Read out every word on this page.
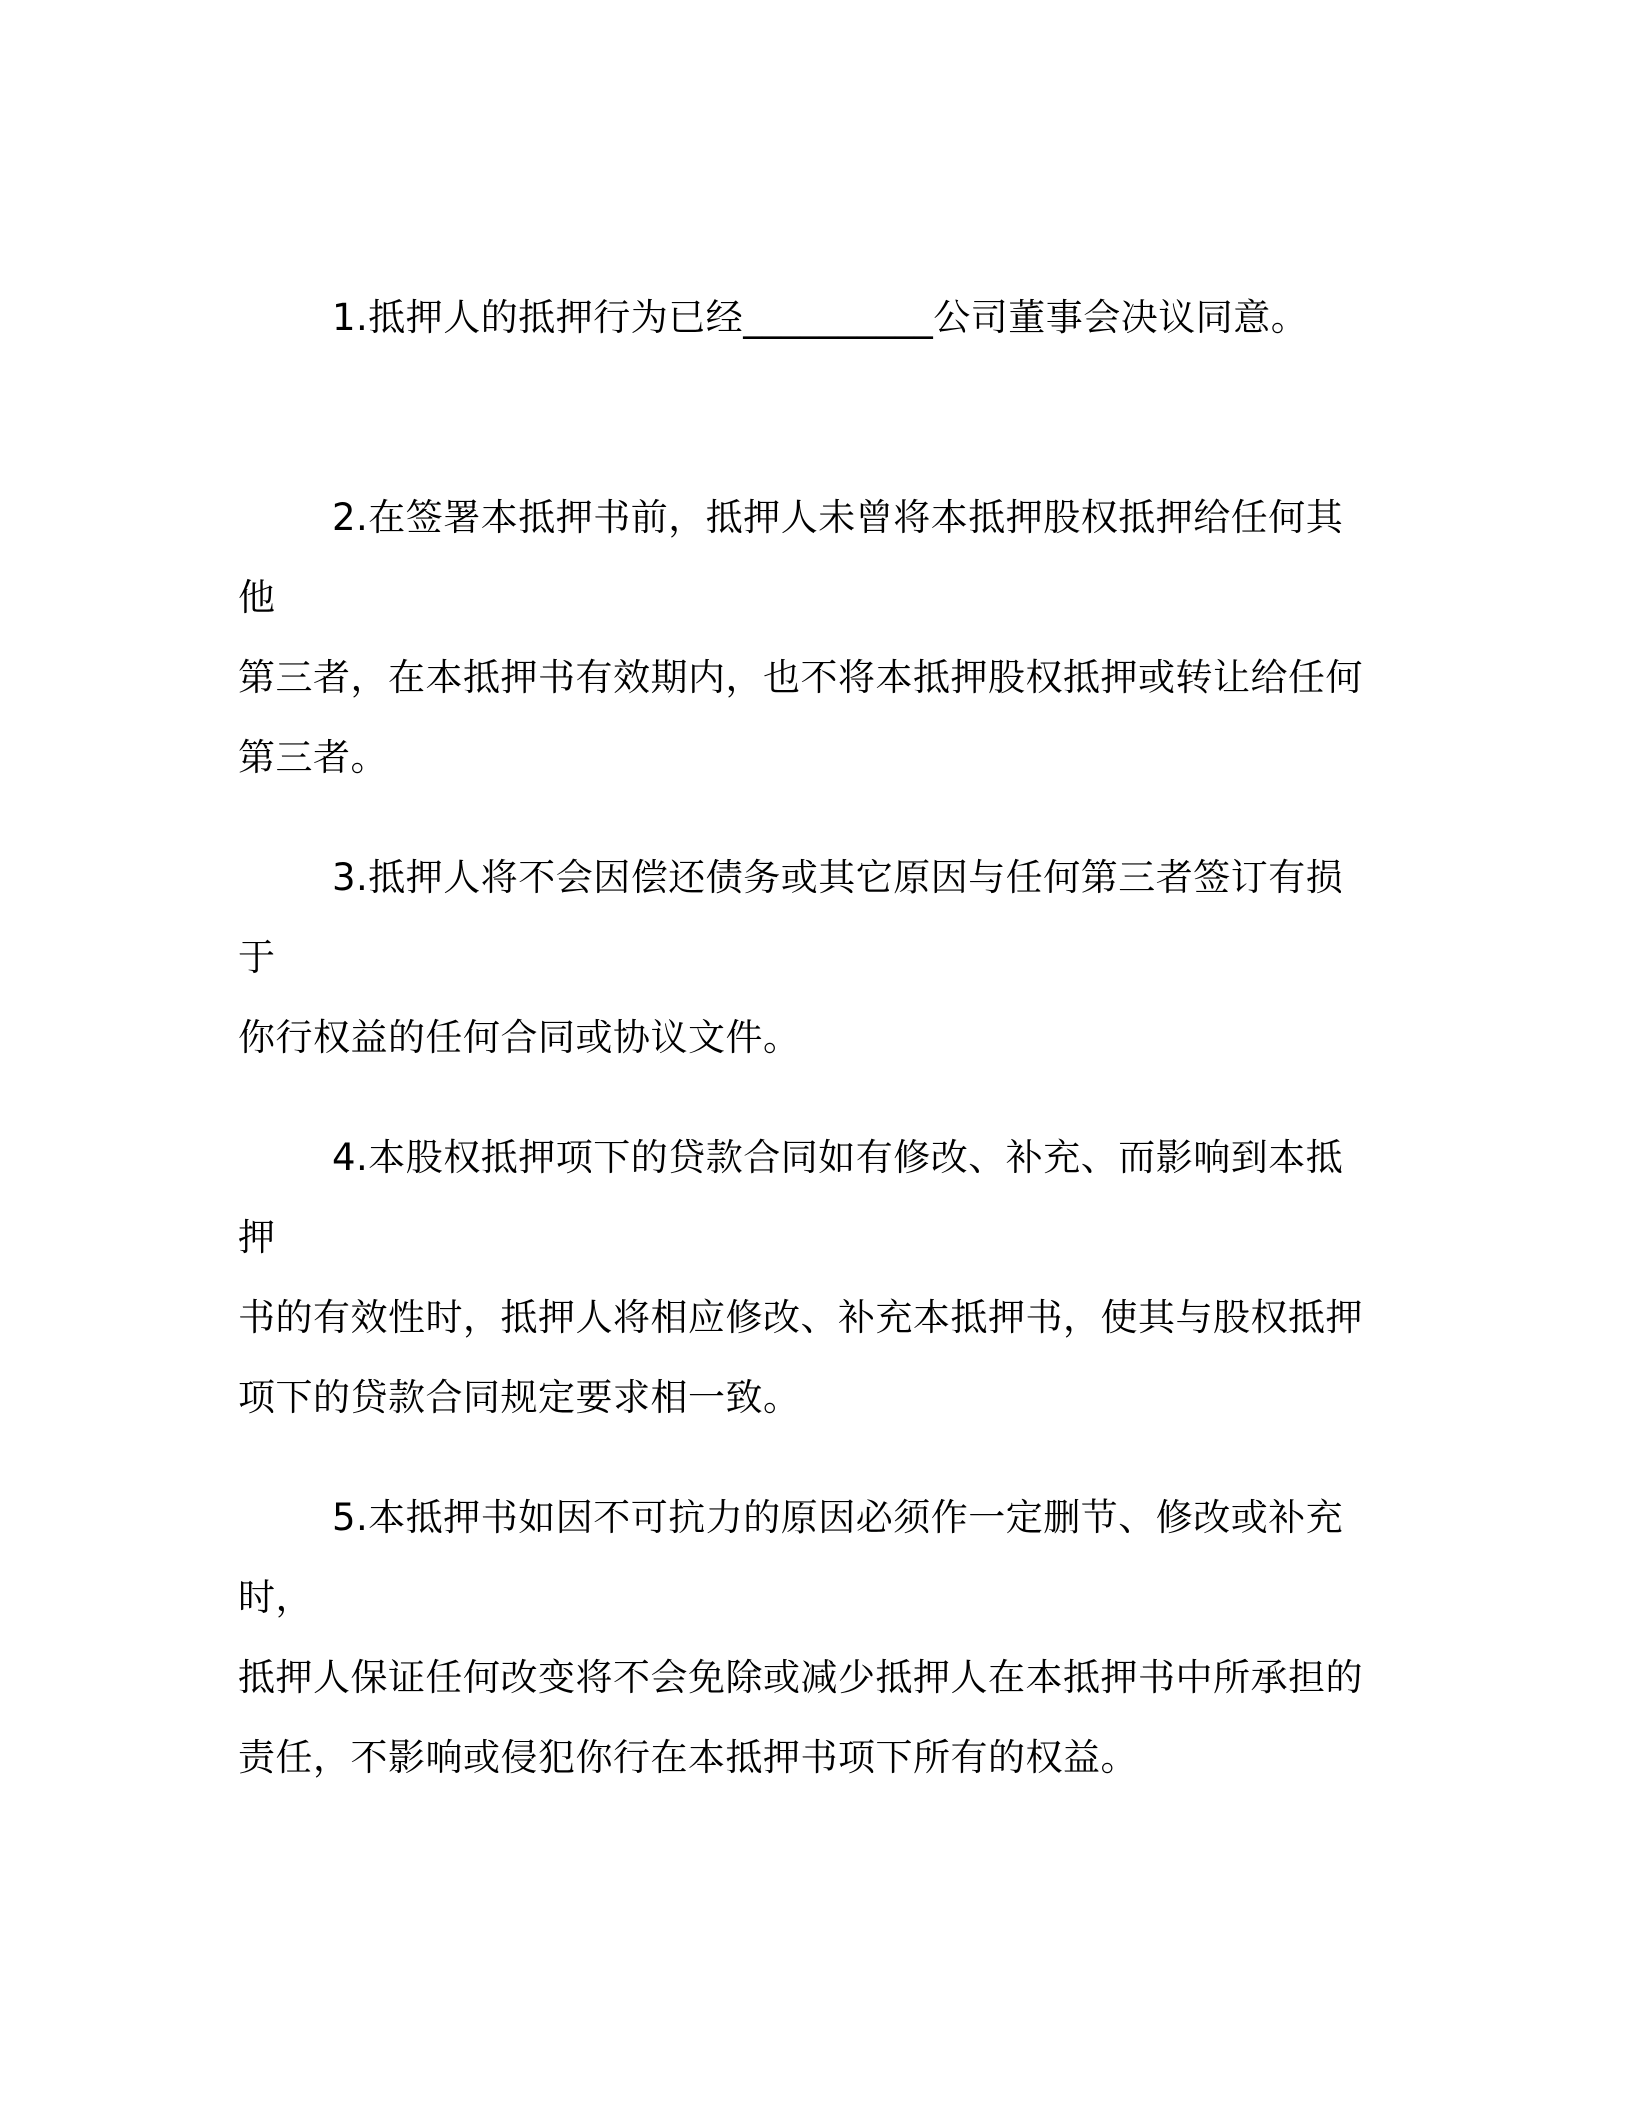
1.抵押人的抵押行为已经__________公司董事会决议同意。

2.在签署本抵押书前，抵押人未曾将本抵押股权抵押给任何其他
第三者，在本抵押书有效期内，也不将本抵押股权抵押或转让给任何
第三者。

3.抵押人将不会因偿还债务或其它原因与任何第三者签订有损于
你行权益的任何合同或协议文件。

4.本股权抵押项下的贷款合同如有修改、补充、而影响到本抵押
书的有效性时，抵押人将相应修改、补充本抵押书，使其与股权抵押
项下的贷款合同规定要求相一致。

5.本抵押书如因不可抗力的原因必须作一定删节、修改或补充时，
抵押人保证任何改变将不会免除或减少抵押人在本抵押书中所承担的
责任，不影响或侵犯你行在本抵押书项下所有的权益。
